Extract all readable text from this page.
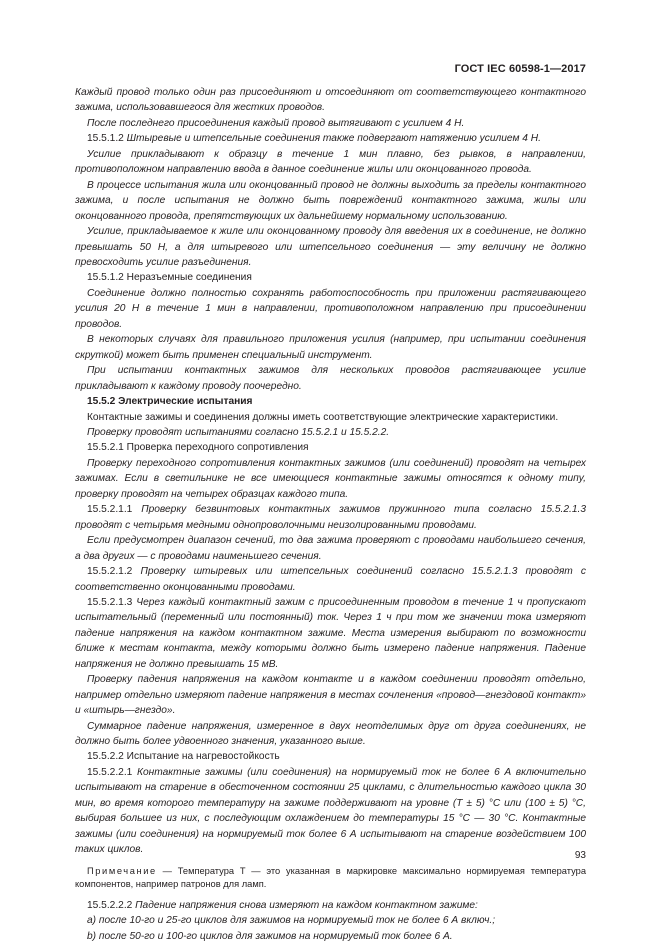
ГОСТ IEC 60598-1—2017

Каждый провод только один раз присоединяют и отсоединяют от соответствующего контактного зажима, использовавшегося для жестких проводов.

После последнего присоединения каждый провод вытягивают с усилием 4 Н.

15.5.1.2 Штыревые и штепсельные соединения также подвергают натяжению усилием 4 Н.

Усилие прикладывают к образцу в течение 1 мин плавно, без рывков, в направлении, противоположном направлению ввода в данное соединение жилы или оконцованного провода.

В процессе испытания жила или оконцованный провод не должны выходить за пределы контактного зажима, и после испытания не должно быть повреждений контактного зажима, жилы или оконцованного провода, препятствующих их дальнейшему нормальному использованию.

Усилие, прикладываемое к жиле или оконцованному проводу для введения их в соединение, не должно превышать 50 Н, а для штыревого или штепсельного соединения — эту величину не должно превосходить усилие разъединения.

15.5.1.2 Неразъемные соединения

Соединение должно полностью сохранять работоспособность при приложении растягивающего усилия 20 Н в течение 1 мин в направлении, противоположном направлению при присоединении проводов.

В некоторых случаях для правильного приложения усилия (например, при испытании соединения скруткой) может быть применен специальный инструмент.

При испытании контактных зажимов для нескольких проводов растягивающее усилие прикладывают к каждому проводу поочередно.

15.5.2 Электрические испытания

Контактные зажимы и соединения должны иметь соответствующие электрические характеристики.

Проверку проводят испытаниями согласно 15.5.2.1 и 15.5.2.2.

15.5.2.1 Проверка переходного сопротивления

Проверку переходного сопротивления контактных зажимов (или соединений) проводят на четырех зажимах. Если в светильнике не все имеющиеся контактные зажимы относятся к одному типу, проверку проводят на четырех образцах каждого типа.

15.5.2.1.1 Проверку безвинтовых контактных зажимов пружинного типа согласно 15.5.2.1.3 проводят с четырьмя медными однопроволочными неизолированными проводами.

Если предусмотрен диапазон сечений, то два зажима проверяют с проводами наибольшего сечения, а два других — с проводами наименьшего сечения.

15.5.2.1.2 Проверку штыревых или штепсельных соединений согласно 15.5.2.1.3 проводят с соответственно оконцованными проводами.

15.5.2.1.3 Через каждый контактный зажим с присоединенным проводом в течение 1 ч пропускают испытательный (переменный или постоянный) ток. Через 1 ч при том же значении тока измеряют падение напряжения на каждом контактном зажиме. Места измерения выбирают по возможности ближе к местам контакта, между которыми должно быть измерено падение напряжения. Падение напряжения не должно превышать 15 мВ.

Проверку падения напряжения на каждом контакте и в каждом соединении проводят отдельно, например отдельно измеряют падение напряжения в местах сочленения «провод—гнездовой контакт» и «штырь—гнездо».

Суммарное падение напряжения, измеренное в двух неотделимых друг от друга соединениях, не должно быть более удвоенного значения, указанного выше.

15.5.2.2 Испытание на нагревостойкость

15.5.2.2.1 Контактные зажимы (или соединения) на нормируемый ток не более 6 А включительно испытывают на старение в обесточенном состоянии 25 циклами, с длительностью каждого цикла 30 мин, во время которого температуру на зажиме поддерживают на уровне (T ± 5) °С или (100 ± 5) °С, выбирая большее из них, с последующим охлаждением до температуры 15 °С — 30 °С. Контактные зажимы (или соединения) на нормируемый ток более 6 А испытывают на старение воздействием 100 таких циклов.

Примечание — Температура T — это указанная в маркировке максимально нормируемая температура компонентов, например патронов для ламп.

15.5.2.2.2 Падение напряжения снова измеряют на каждом контактном зажиме:

а) после 10-го и 25-го циклов для зажимов на нормируемый ток не более 6 А включ.;

b) после 50-го и 100-го циклов для зажимов на нормируемый ток более 6 А.

93
